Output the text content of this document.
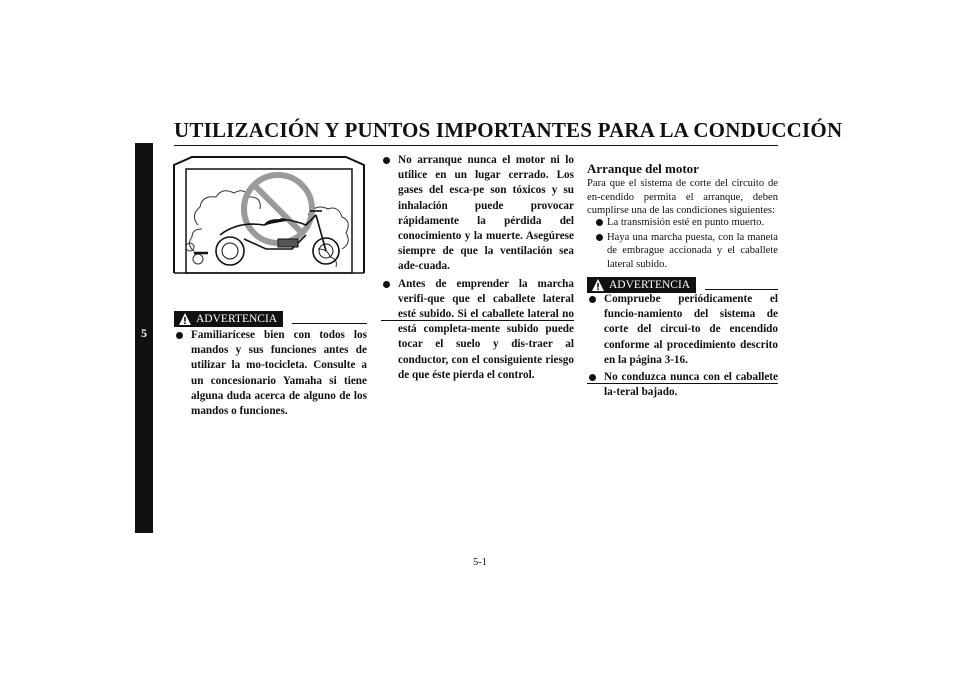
UTILIZACIÓN Y PUNTOS IMPORTANTES PARA LA CONDUCCIÓN
5
ADVERTENCIA
Familiarícese bien con todos los mandos y sus funciones antes de utilizar la mo-tocicleta. Consulte a un concesionario Yamaha si tiene alguna duda acerca de alguno de los mandos o funciones.
No arranque nunca el motor ni lo utilice en un lugar cerrado. Los gases del esca-pe son tóxicos y su inhalación puede provocar rápidamente la pérdida del conocimiento y la muerte. Asegúrese siempre de que la ventilación sea ade-cuada.
Antes de emprender la marcha verifi-que que el caballete lateral esté subido. Si el caballete lateral no está completa-mente subido puede tocar el suelo y dis-traer al conductor, con el consiguiente riesgo de que éste pierda el control.
Arranque del motor

Para que el sistema de corte del circuito de en-cendido permita el arranque, deben cumplirse una de las condiciones siguientes:

La transmisión esté en punto muerto.
Haya una marcha puesta, con la maneta de embrague accionada y el caballete lateral subido.
ADVERTENCIA
Compruebe periódicamente el funcio-namiento del sistema de corte del circui-to de encendido conforme al procedimiento descrito en la página 3-16.
No conduzca nunca con el caballete la-teral bajado.
5-1
